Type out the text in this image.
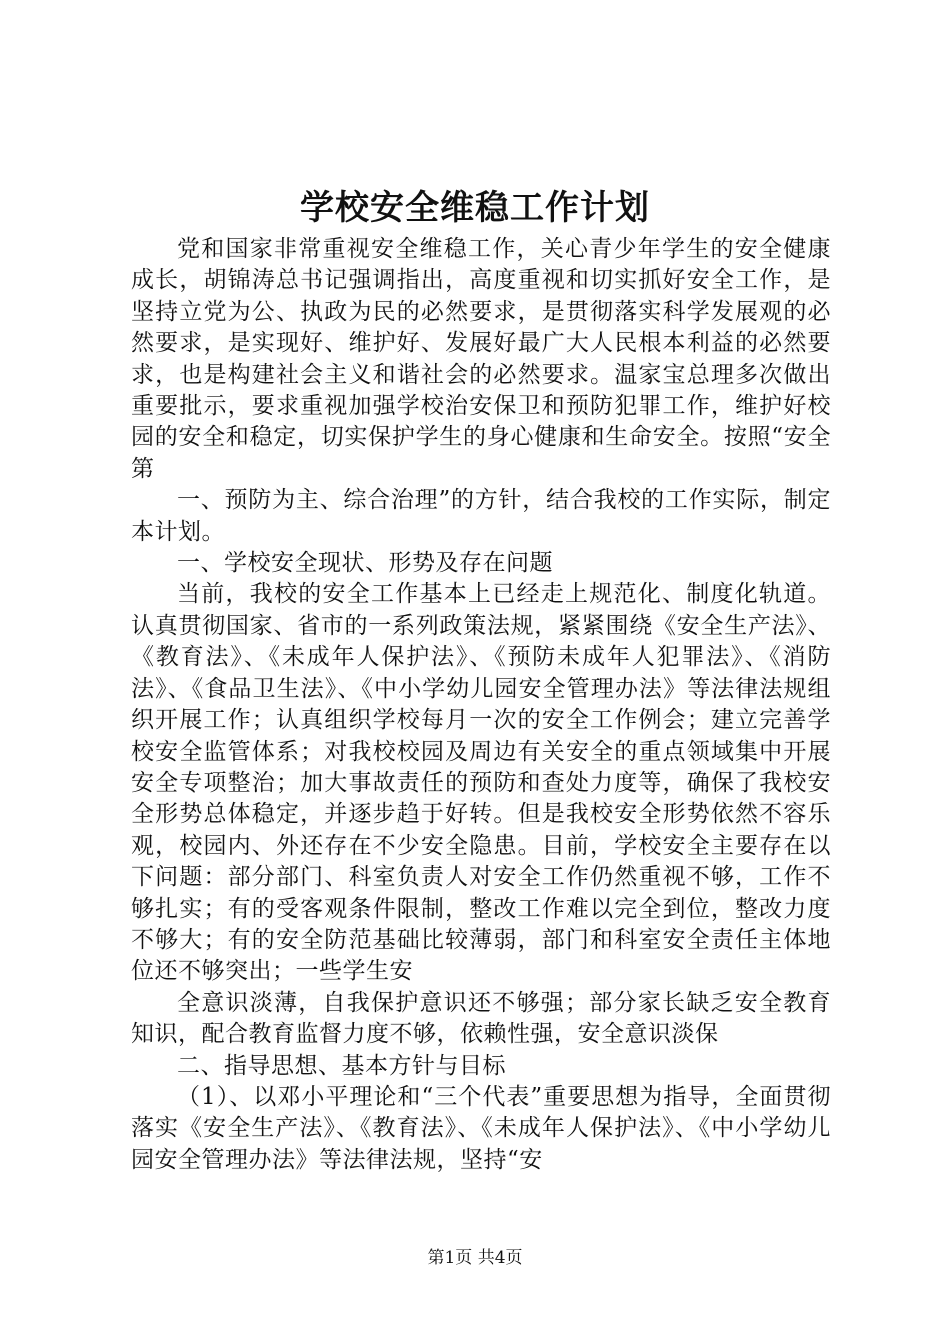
学校安全维稳工作计划

党和国家非常重视安全维稳工作，关心青少年学生的安全健康成长，胡锦涛总书记强调指出，高度重视和切实抓好安全工作，是坚持立党为公、执政为民的必然要求，是贯彻落实科学发展观的必然要求，是实现好、维护好、发展好最广大人民根本利益的必然要求，也是构建社会主义和谐社会的必然要求。温家宝总理多次做出重要批示，要求重视加强学校治安保卫和预防犯罪工作，维护好校园的安全和稳定，切实保护学生的身心健康和生命安全。按照“安全第

一、预防为主、综合治理”的方针，结合我校的工作实际，制定本计划。

一、学校安全现状、形势及存在问题

当前，我校的安全工作基本上已经走上规范化、制度化轨道。认真贯彻国家、省市的一系列政策法规，紧紧围绕《安全生产法》、《教育法》、《未成年人保护法》、《预防未成年人犯罪法》、《消防法》、《食品卫生法》、《中小学幼儿园安全管理办法》等法律法规组织开展工作；认真组织学校每月一次的安全工作例会；建立完善学校安全监管体系；对我校校园及周边有关安全的重点领域集中开展安全专项整治；加大事故责任的预防和查处力度等，确保了我校安全形势总体稳定，并逐步趋于好转。但是我校安全形势依然不容乐观，校园内、外还存在不少安全隐患。目前，学校安全主要存在以下问题：部分部门、科室负责人对安全工作仍然重视不够，工作不够扎实；有的受客观条件限制，整改工作难以完全到位，整改力度不够大；有的安全防范基础比较薄弱，部门和科室安全责任主体地位还不够突出；一些学生安

全意识淡薄，自我保护意识还不够强；部分家长缺乏安全教育知识，配合教育监督力度不够，依赖性强，安全意识淡保

二、指导思想、基本方针与目标

（1）、以邓小平理论和“三个代表”重要思想为指导，全面贯彻落实《安全生产法》、《教育法》、《未成年人保护法》、《中小学幼儿园安全管理办法》等法律法规，坚持“安

第1页 共4页
